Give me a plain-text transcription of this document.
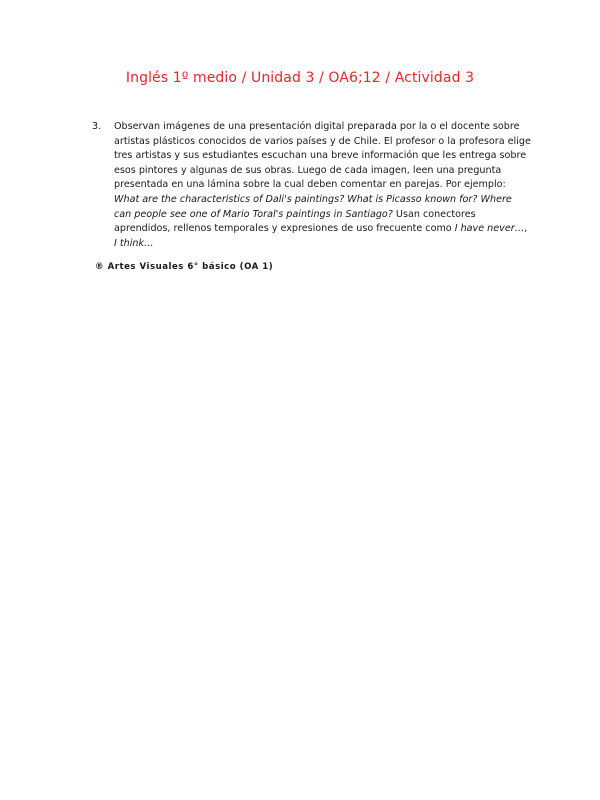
Inglés 1º medio / Unidad 3 / OA6;12 / Actividad 3
3.	Observan imágenes de una presentación digital preparada por la o el docente sobre artistas plásticos conocidos de varios países y de Chile. El profesor o la profesora elige tres artistas y sus estudiantes escuchan una breve información que les entrega sobre esos pintores y algunas de sus obras. Luego de cada imagen, leen una pregunta presentada en una lámina sobre la cual deben comentar en parejas. Por ejemplo: What are the characteristics of Dali's paintings? What is Picasso known for? Where can people see one of Mario Toral's paintings in Santiago? Usan conectores aprendidos, rellenos temporales y expresiones de uso frecuente como I have never…, I think…
® Artes Visuales 6° básico (OA 1)
